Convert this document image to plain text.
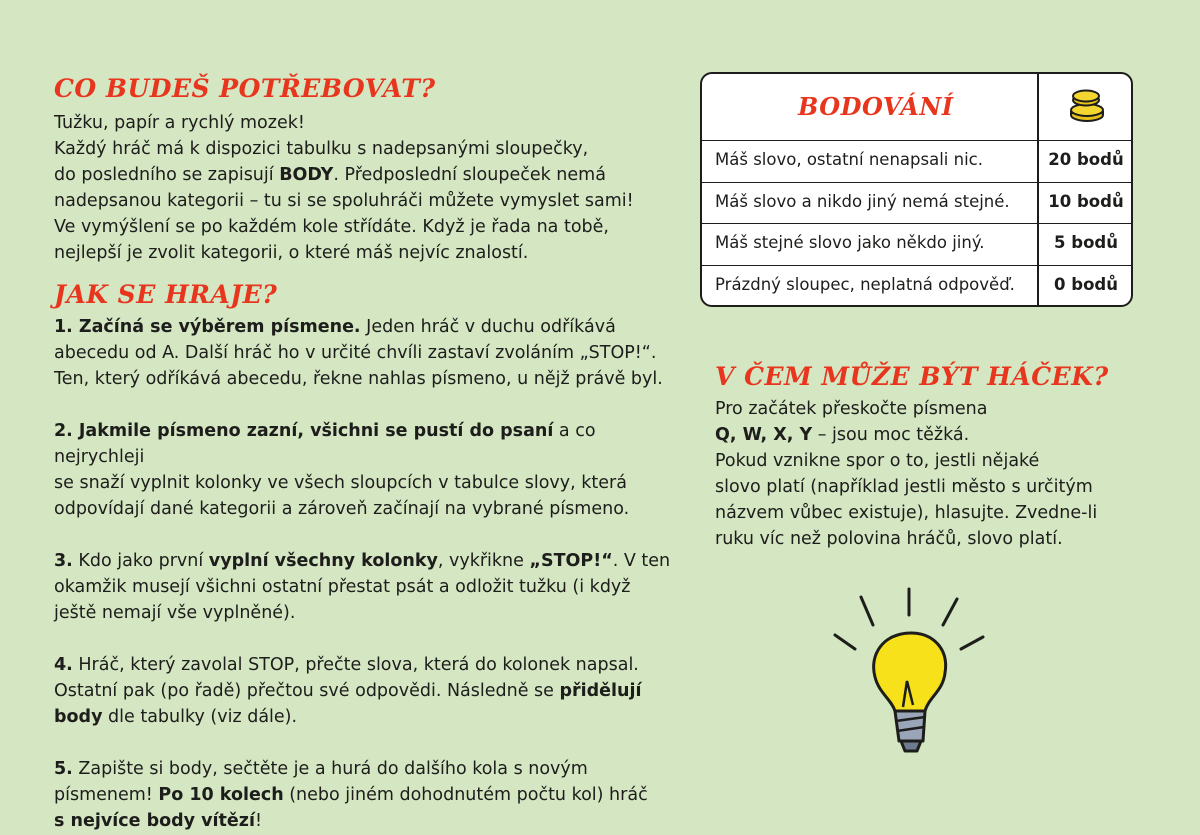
CO BUDEŠ POTŘEBOVAT?

Tužku, papír a rychlý mozek!

Každý hráč má k dispozici tabulku s nadepsanými sloupečky,

do posledního se zapisují BODY. Předposlední sloupeček nemá

nadepsanou kategorii – tu si se spoluhráči můžete vymyslet sami!

Ve vymýšlení se po každém kole střídáte. Když je řada na tobě,

nejlepší je zvolit kategorii, o které máš nejvíc znalostí.

JAK SE HRAJE?

1. Začíná se výběrem písmene. Jeden hráč v duchu odříkává

abecedu od A. Další hráč ho v určité chvíli zastaví zvoláním „STOP!“.

Ten, který odříkává abecedu, řekne nahlas písmeno, u nějž právě byl.

2. Jakmile písmeno zazní, všichni se pustí do psaní a co nejrychleji

se snaží vyplnit kolonky ve všech sloupcích v tabulce slovy, která

odpovídají dané kategorii a zároveň začínají na vybrané písmeno.

3. Kdo jako první vyplní všechny kolonky, vykřikne „STOP!“. V ten

okamžik musejí všichni ostatní přestat psát a odložit tužku (i když

ještě nemají vše vyplněné).

4. Hráč, který zavolal STOP, přečte slova, která do kolonek napsal.

Ostatní pak (po řadě) přečtou své odpovědi. Následně se přidělují

body dle tabulky (viz dále).

5. Zapište si body, sečtěte je a hurá do dalšího kola s novým

písmenem! Po 10 kolech (nebo jiném dohodnutém počtu kol) hráč

s nejvíce body vítězí!

BODOVÁNÍ
Máš slovo, ostatní nenapsali nic.	20 bodů
Máš slovo a nikdo jiný nemá stejné.	10 bodů
Máš stejné slovo jako někdo jiný.	5 bodů
Prázdný sloupec, neplatná odpověď.	0 bodů
V ČEM MŮŽE BÝT HÁČEK?

Pro začátek přeskočte písmena

Q, W, X, Y – jsou moc těžká.

Pokud vznikne spor o to, jestli nějaké

slovo platí (například jestli město s určitým

názvem vůbec existuje), hlasujte. Zvedne-li

ruku víc než polovina hráčů, slovo platí.
